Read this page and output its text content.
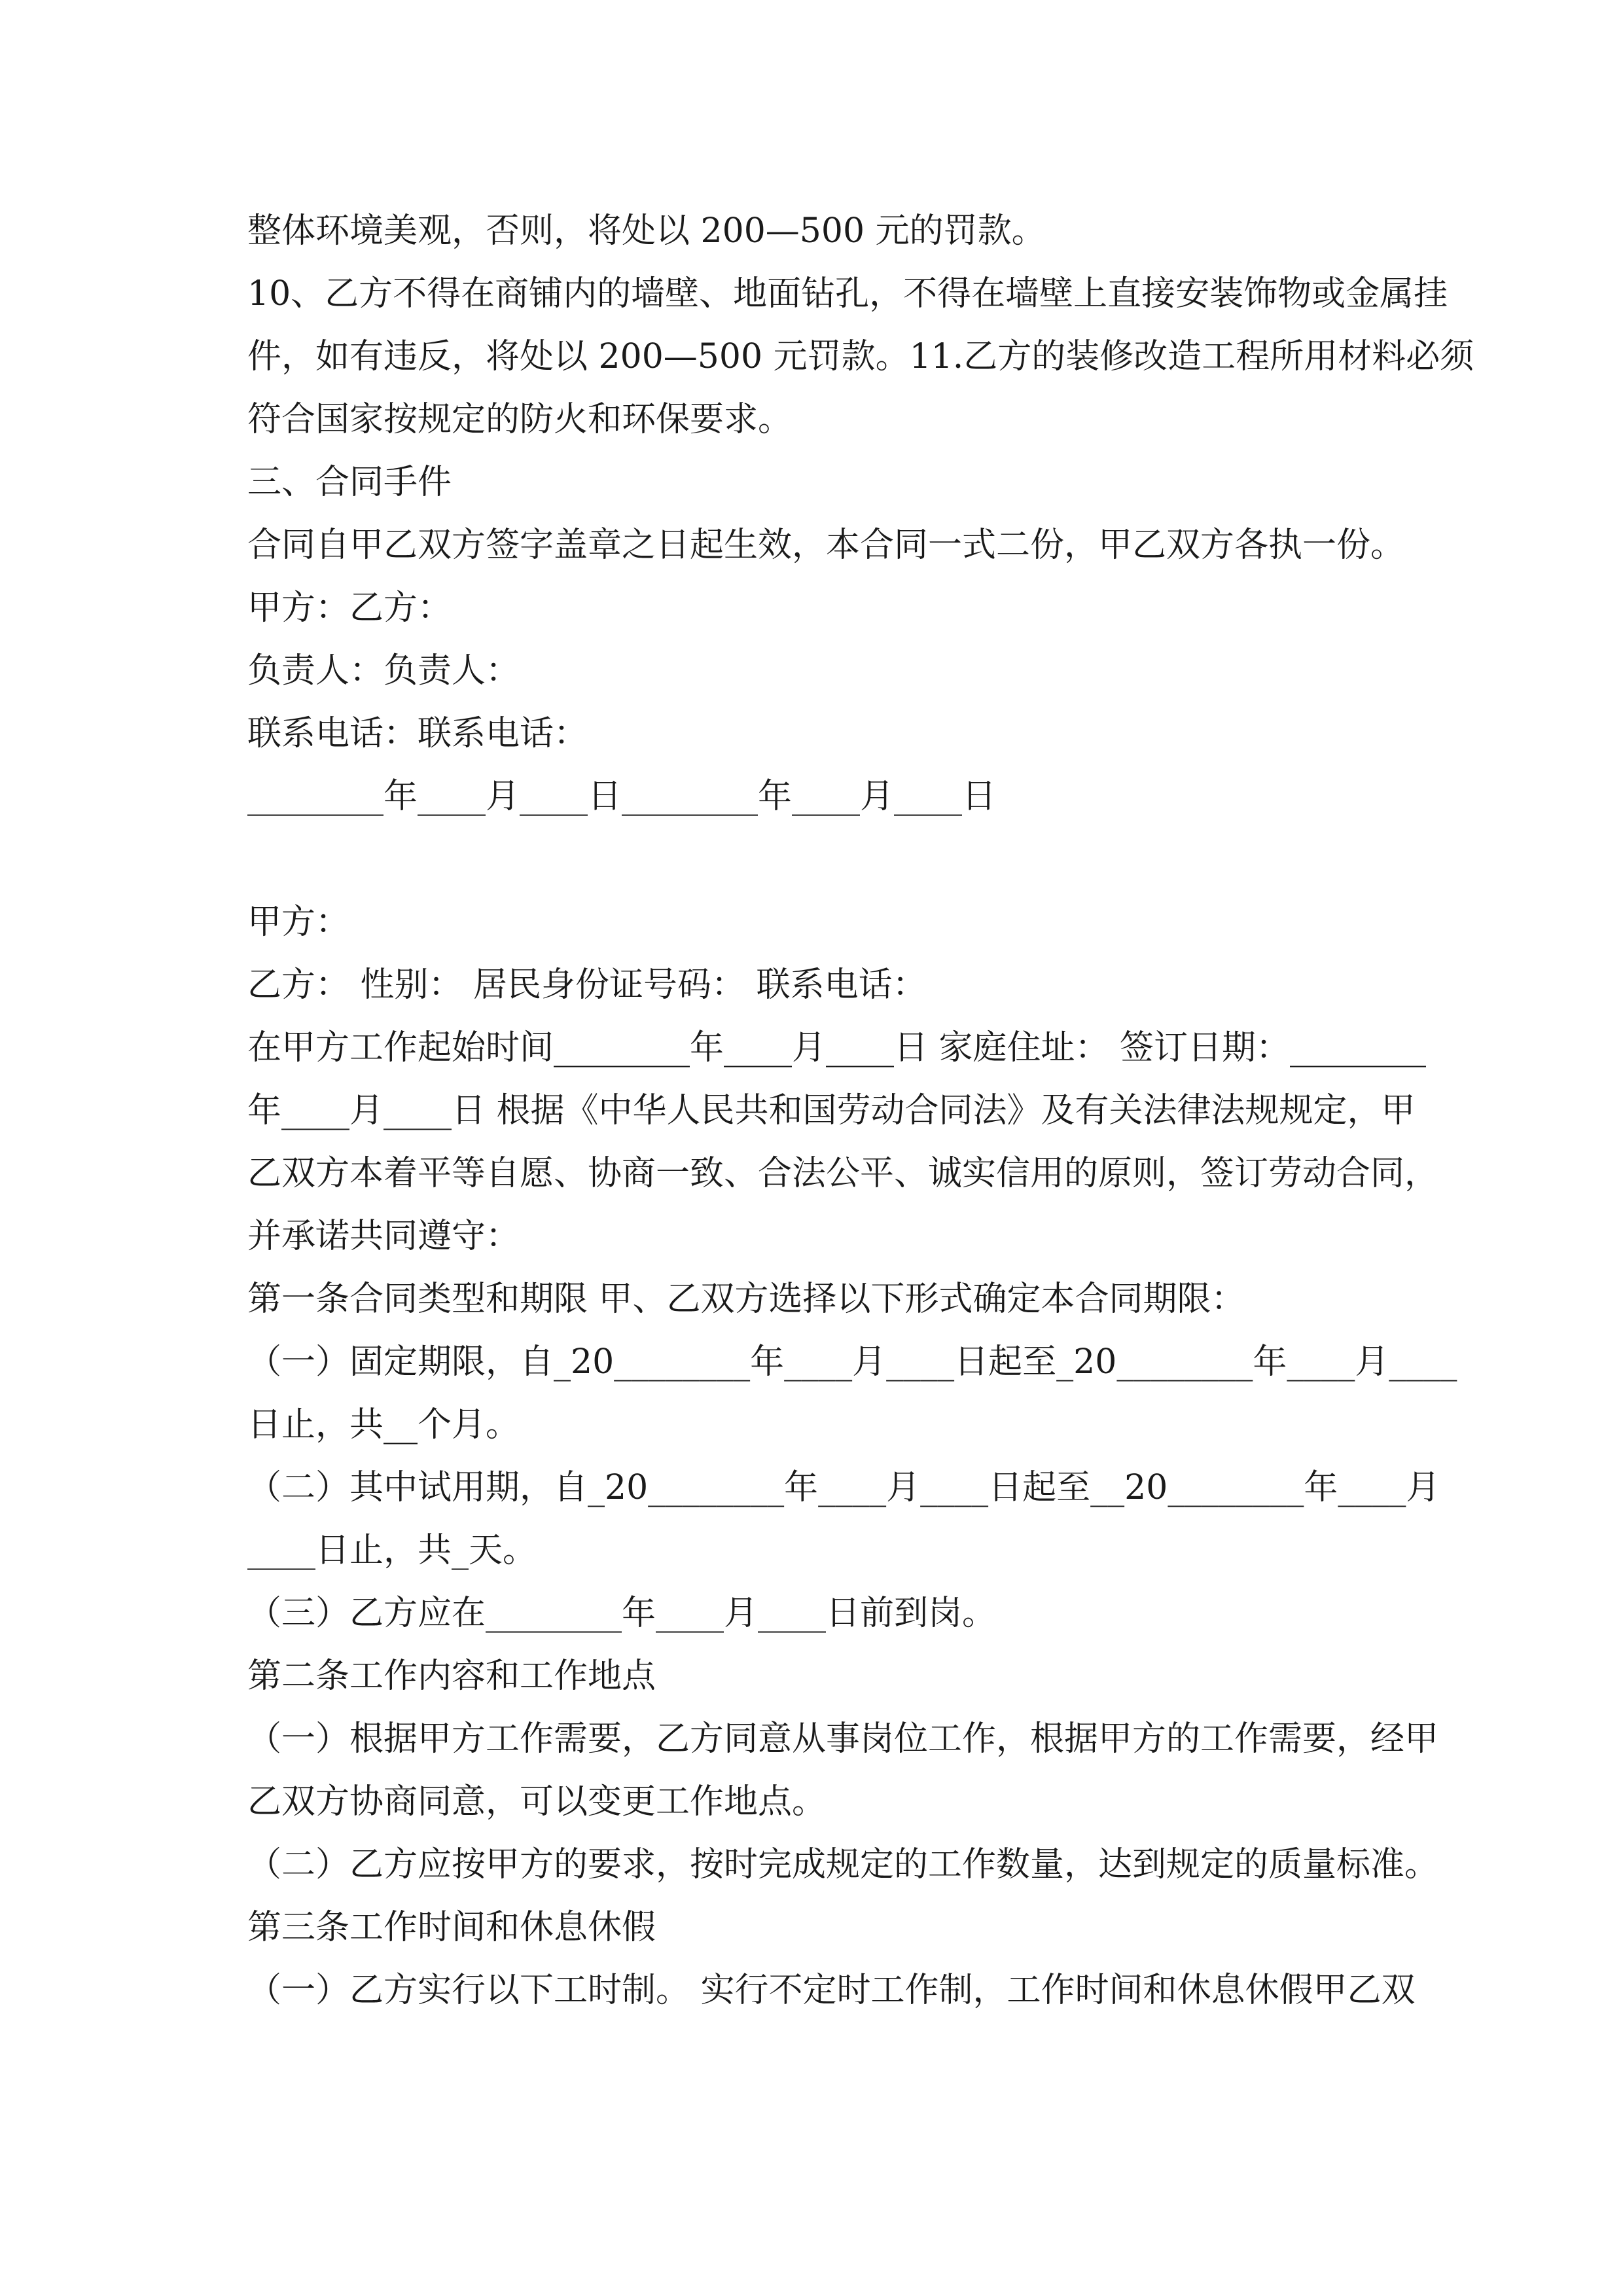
整体环境美观，否则，将处以 200—500 元的罚款。
10、乙方不得在商铺内的墙壁、地面钻孔，不得在墙壁上直接安装饰物或金属挂
件，如有违反，将处以 200—500 元罚款。11.乙方的装修改造工程所用材料必须
符合国家按规定的防火和环保要求。
三、合同手件
合同自甲乙双方签字盖章之日起生效，本合同一式二份，甲乙双方各执一份。
甲方：乙方：
负责人：负责人：
联系电话：联系电话：
________年____月____日________年____月____日
甲方：
乙方： 性别： 居民身份证号码： 联系电话：
在甲方工作起始时间________年____月____日 家庭住址： 签订日期：________
年____月____日 根据《中华人民共和国劳动合同法》及有关法律法规规定，甲
乙双方本着平等自愿、协商一致、合法公平、诚实信用的原则，签订劳动合同，
并承诺共同遵守：
第一条合同类型和期限 甲、乙双方选择以下形式确定本合同期限：
（一）固定期限，自_20________年____月____日起至_20________年____月____
日止，共__个月。
（二）其中试用期，自_20________年____月____日起至__20________年____月
____日止，共_天。
（三）乙方应在________年____月____日前到岗。
第二条工作内容和工作地点
（一）根据甲方工作需要，乙方同意从事岗位工作，根据甲方的工作需要，经甲
乙双方协商同意，可以变更工作地点。
（二）乙方应按甲方的要求，按时完成规定的工作数量，达到规定的质量标准。
第三条工作时间和休息休假
（一）乙方实行以下工时制。 实行不定时工作制，工作时间和休息休假甲乙双
